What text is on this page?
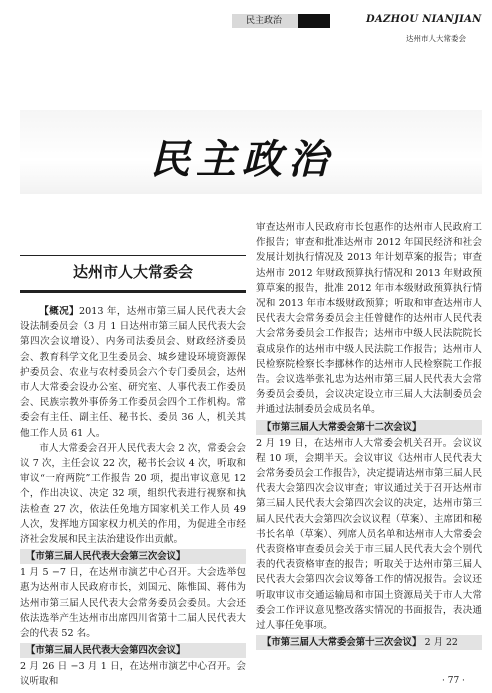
民主政治	DAZHOU NIANJIAN
达州市人大常委会
民主政治
达州市人大常委会

【概况】2013 年，达州市第三届人民代表大会设法制委员会（3 月 1 日达州市第三届人民代表大会第四次会议增设）、内务司法委员会、财政经济委员会、教育科学文化卫生委员会、城乡建设环境资源保护委员会、农业与农村委员会六个专门委员会，达州市人大常委会设办公室、研究室、人事代表工作委员会、民族宗教外事侨务工作委员会四个工作机构。常委会有主任、副主任、秘书长、委员 36 人，机关其他工作人员 61 人。

市人大常委会召开人民代表大会 2 次，常委会会议 7 次，主任会议 22 次，秘书长会议 4 次，听取和审议“一府两院”工作报告 20 项，提出审议意见 12 个，作出决议、决定 32 项，组织代表进行视察和执法检查 27 次，依法任免地方国家机关工作人员 49 人次，发挥地方国家权力机关的作用，为促进全市经济社会发展和民主法治建设作出贡献。

【市第三届人民代表大会第三次会议】

1 月 5 −7 日，在达州市演艺中心召开。大会选举包惠为达州市人民政府市长，刘国元、陈惟国、蒋伟为达州市第三届人民代表大会常务委员会委员。大会还依法选举产生达州市出席四川省第十二届人民代表大会的代表 52 名。

【市第三届人民代表大会第四次会议】

2 月 26 日 −3 月 1 日，在达州市演艺中心召开。会议听取和

审查达州市人民政府市长包惠作的达州市人民政府工作报告；审查和批准达州市 2012 年国民经济和社会发展计划执行情况及 2013 年计划草案的报告；审查达州市 2012 年财政预算执行情况和 2013 年财政预算草案的报告，批准 2012 年市本级财政预算执行情况和 2013 年市本级财政预算；听取和审查达州市人民代表大会常务委员会主任曾健作的达州市人民代表大会常务委员会工作报告；达州市中级人民法院院长袁成泉作的达州市中级人民法院工作报告；达州市人民检察院检察长李挪林作的达州市人民检察院工作报告。会议选举张礼忠为达州市第三届人民代表大会常务委员会委员，会议决定设立市三届人大法制委员会并通过法制委员会成员名单。

【市第三届人大常委会第十二次会议】

2 月 19 日，在达州市人大常委会机关召开。会议议程 10 项，会期半天。会议审议《达州市人民代表大会常务委员会工作报告》，决定提请达州市第三届人民代表大会第四次会议审查；审议通过关于召开达州市第三届人民代表大会第四次会议的决定，达州市第三届人民代表大会第四次会议议程（草案）、主席团和秘书长名单（草案）、列席人员名单和达州市人大常委会代表资格审查委员会关于市三届人民代表大会个别代表的代表资格审查的报告；听取关于达州市第三届人民代表大会第四次会议筹备工作的情况报告。会议还听取审议市交通运输局和市国土资源局关于市人大常委会工作评议意见整改落实情况的书面报告，表决通过人事任免事项。

【市第三届人大常委会第十三次会议】 2 月 22
· 77 ·
